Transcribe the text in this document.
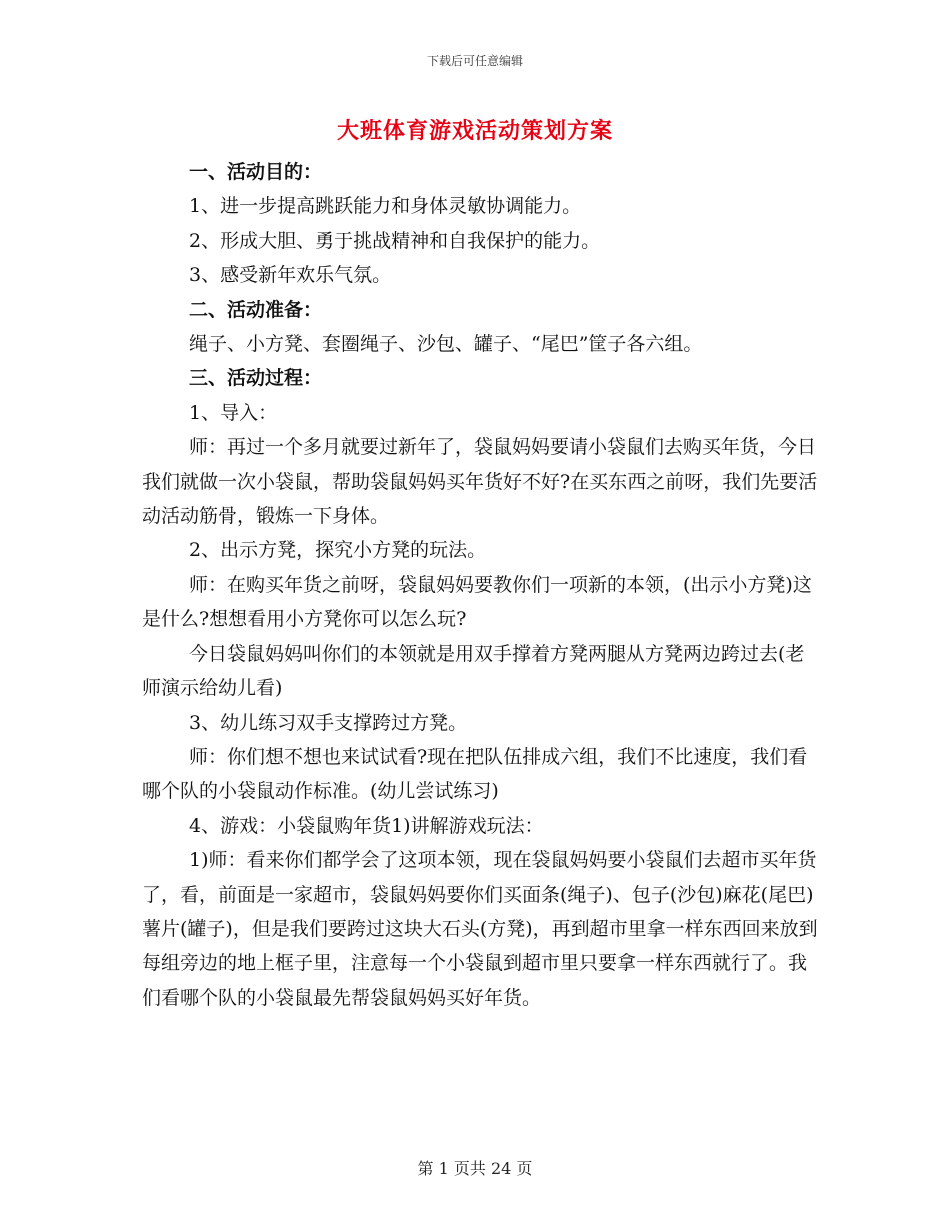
下载后可任意编辑
大班体育游戏活动策划方案

一、活动目的：

1、进一步提高跳跃能力和身体灵敏协调能力。

2、形成大胆、勇于挑战精神和自我保护的能力。

3、感受新年欢乐气氛。

二、活动准备：

绳子、小方凳、套圈绳子、沙包、罐子、“尾巴”筐子各六组。

三、活动过程：

1、导入：

师：再过一个多月就要过新年了，袋鼠妈妈要请小袋鼠们去购买年货，今日我们就做一次小袋鼠，帮助袋鼠妈妈买年货好不好?在买东西之前呀，我们先要活动活动筋骨，锻炼一下身体。

2、出示方凳，探究小方凳的玩法。

师：在购买年货之前呀，袋鼠妈妈要教你们一项新的本领，(出示小方凳)这是什么?想想看用小方凳你可以怎么玩?

今日袋鼠妈妈叫你们的本领就是用双手撑着方凳两腿从方凳两边跨过去(老师演示给幼儿看)

3、幼儿练习双手支撑跨过方凳。

师：你们想不想也来试试看?现在把队伍排成六组，我们不比速度，我们看哪个队的小袋鼠动作标准。(幼儿尝试练习)

4、游戏：小袋鼠购年货1)讲解游戏玩法：

1)师：看来你们都学会了这项本领，现在袋鼠妈妈要小袋鼠们去超市买年货了，看，前面是一家超市，袋鼠妈妈要你们买面条(绳子)、包子(沙包)麻花(尾巴)薯片(罐子)，但是我们要跨过这块大石头(方凳)，再到超市里拿一样东西回来放到每组旁边的地上框子里，注意每一个小袋鼠到超市里只要拿一样东西就行了。我们看哪个队的小袋鼠最先帮袋鼠妈妈买好年货。

第 1 页共 24 页
